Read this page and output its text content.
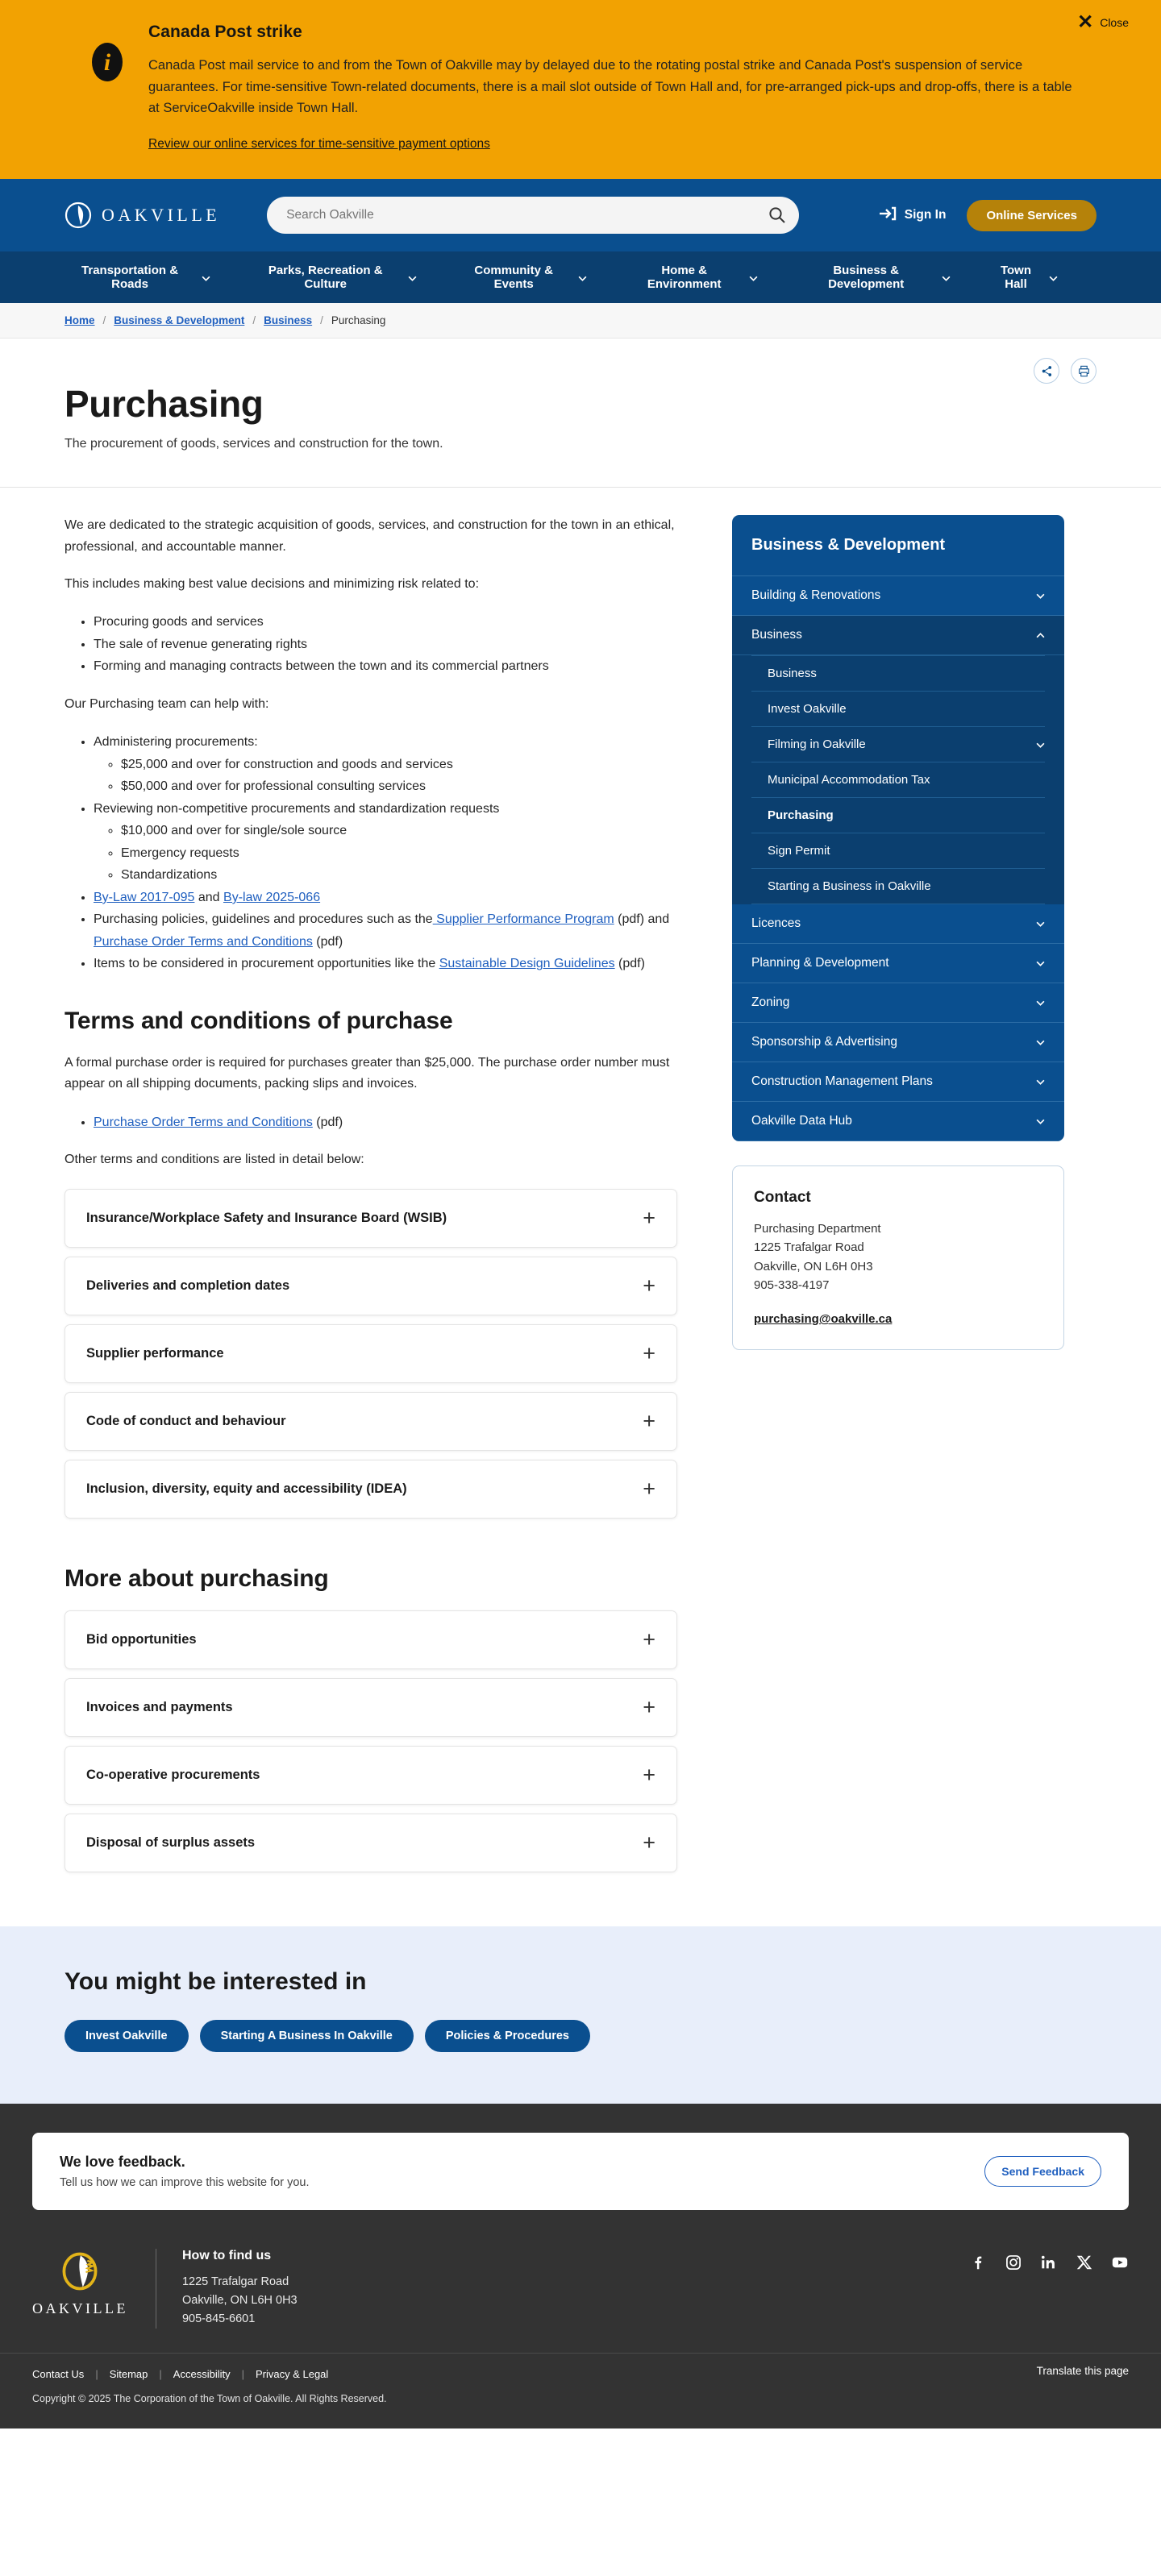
✕ Close
i
Canada Post strike
Canada Post mail service to and from the Town of Oakville may by delayed due to the rotating postal strike and Canada Post's suspension of service guarantees. For time-sensitive Town-related documents, there is a mail slot outside of Town Hall and, for pre-arranged pick-ups and drop-offs, there is a table at ServiceOakville inside Town Hall.
Review our online services for time-sensitive payment options
OAKVILLE
Search Oakville	Sign In	Online Services
Transportation & Roads
Parks, Recreation & Culture
Community & Events
Home & Environment
Business & Development
Town Hall
Home / Business & Development / Business / Purchasing
Purchasing
The procurement of goods, services and construction for the town.

We are dedicated to the strategic acquisition of goods, services, and construction for the town in an ethical, professional, and accountable manner.

This includes making best value decisions and minimizing risk related to:

• Procuring goods and services
• The sale of revenue generating rights
• Forming and managing contracts between the town and its commercial partners

Our Purchasing team can help with:

• Administering procurements:
◦ $25,000 and over for construction and goods and services
◦ $50,000 and over for professional consulting services
• Reviewing non-competitive procurements and standardization requests
◦ $10,000 and over for single/sole source
◦ Emergency requests
◦ Standardizations
• By-Law 2017-095 and By-law 2025-066
• Purchasing policies, guidelines and procedures such as the Supplier Performance Program (pdf) and Purchase Order Terms and Conditions (pdf)
• Items to be considered in procurement opportunities like the Sustainable Design Guidelines (pdf)
Terms and conditions of purchase

A formal purchase order is required for purchases greater than $25,000. The purchase order number must appear on all shipping documents, packing slips and invoices.

• Purchase Order Terms and Conditions (pdf)

Other terms and conditions are listed in detail below:

Insurance/Workplace Safety and Insurance Board (WSIB)	+
Deliveries and completion dates	+
Supplier performance	+
Code of conduct and behaviour	+
Inclusion, diversity, equity and accessibility (IDEA)	+
More about purchasing
Bid opportunities	+
Invoices and payments	+
Co-operative procurements	+
Disposal of surplus assets	+
Business & Development
Building & Renovations
Business
Business
Invest Oakville
Filming in Oakville
Municipal Accommodation Tax
Purchasing
Sign Permit
Starting a Business in Oakville
Licences
Planning & Development
Zoning
Sponsorship & Advertising
Construction Management Plans
Oakville Data Hub
Contact
Purchasing Department
1225 Trafalgar Road
Oakville, ON L6H 0H3
905-338-4197
purchasing@oakville.ca
You might be interested in
Invest Oakville	Starting A Business In Oakville	Policies & Procedures
We love feedback.
Tell us how we can improve this website for you.
Send Feedback
OAKVILLE
How to find us
1225 Trafalgar Road
Oakville, ON L6H 0H3
905-845-6601
Translate this page
Contact Us | Sitemap | Accessibility | Privacy & Legal
Copyright © 2025 The Corporation of the Town of Oakville. All Rights Reserved.
